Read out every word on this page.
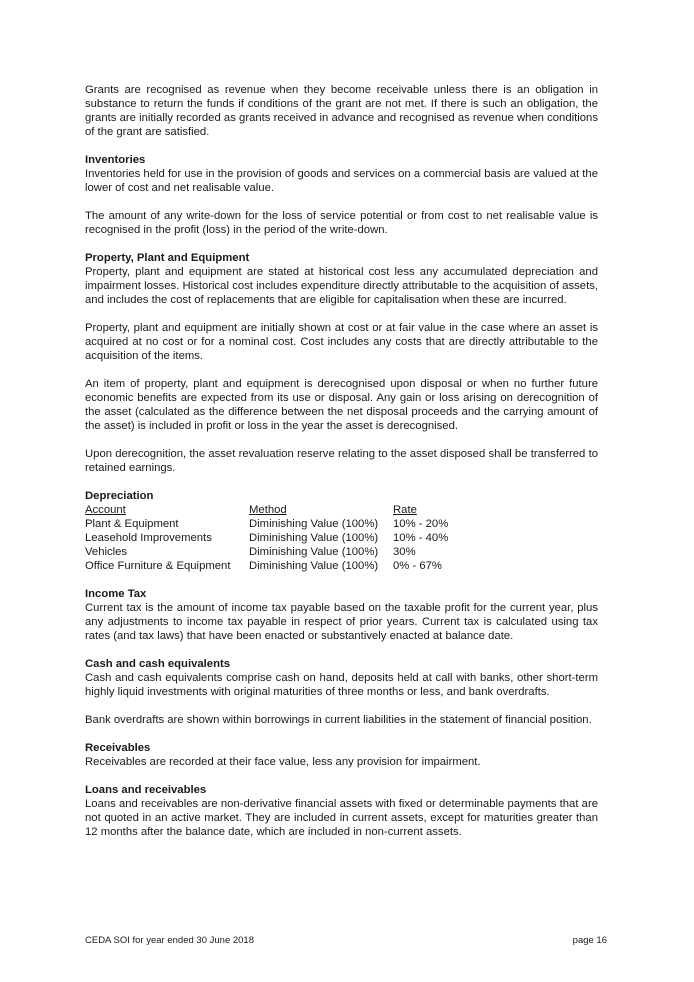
Grants are recognised as revenue when they become receivable unless there is an obligation in substance to return the funds if conditions of the grant are not met. If there is such an obligation, the grants are initially recorded as grants received in advance and recognised as revenue when conditions of the grant are satisfied.

Inventories

Inventories held for use in the provision of goods and services on a commercial basis are valued at the lower of cost and net realisable value.

The amount of any write-down for the loss of service potential or from cost to net realisable value is recognised in the profit (loss) in the period of the write-down.

Property, Plant and Equipment

Property, plant and equipment are stated at historical cost less any accumulated depreciation and impairment losses. Historical cost includes expenditure directly attributable to the acquisition of assets, and includes the cost of replacements that are eligible for capitalisation when these are incurred.

Property, plant and equipment are initially shown at cost or at fair value in the case where an asset is acquired at no cost or for a nominal cost. Cost includes any costs that are directly attributable to the acquisition of the items.

An item of property, plant and equipment is derecognised upon disposal or when no further future economic benefits are expected from its use or disposal. Any gain or loss arising on derecognition of the asset (calculated as the difference between the net disposal proceeds and the carrying amount of the asset) is included in profit or loss in the year the asset is derecognised.

Upon derecognition, the asset revaluation reserve relating to the asset disposed shall be transferred to retained earnings.

Depreciation
Account	Method	Rate
Plant & Equipment	Diminishing Value (100%)	10% - 20%
Leasehold Improvements	Diminishing Value (100%)	10% - 40%
Vehicles	Diminishing Value (100%)	30%
Office Furniture & Equipment	Diminishing Value (100%)	0% - 67%
Income Tax

Current tax is the amount of income tax payable based on the taxable profit for the current year, plus any adjustments to income tax payable in respect of prior years. Current tax is calculated using tax rates (and tax laws) that have been enacted or substantively enacted at balance date.

Cash and cash equivalents

Cash and cash equivalents comprise cash on hand, deposits held at call with banks, other short-term highly liquid investments with original maturities of three months or less, and bank overdrafts.

Bank overdrafts are shown within borrowings in current liabilities in the statement of financial position.

Receivables

Receivables are recorded at their face value, less any provision for impairment.

Loans and receivables

Loans and receivables are non-derivative financial assets with fixed or determinable payments that are not quoted in an active market. They are included in current assets, except for maturities greater than 12 months after the balance date, which are included in non-current assets.

CEDA SOI for year ended 30 June 2018	page 16
